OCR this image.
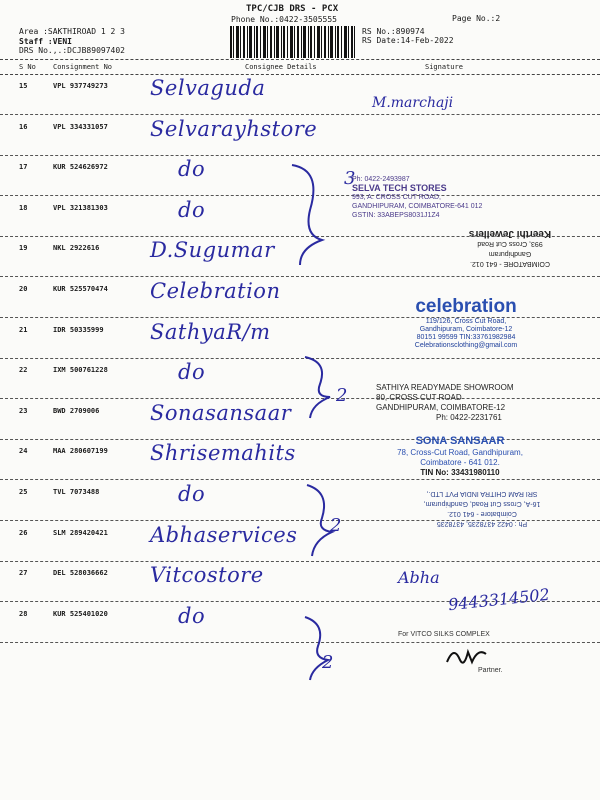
TPC/CJB DRS - PCX
Phone No.:0422-3505555	Page No.:2
Area :SAKTHIROAD 1 2 3
Staff :VENI
DRS No.,.:DCJB89097402
RS No.:890974
RS Date:14-Feb-2022
S No Consignment No	Consignee Details	Signature
15	VPL 937749273 Selvaguda
16	VPL 334331057 Selvarayhstore
17	KUR 524626972	do
18	VPL 321381303	do
19	NKL 2922616 D.Sugumar
20	KUR 525570474 Celebration
21	IDR 50335999 SathyaR/m
22	IXM 500761228	do
23	BWD 2709006 Sonasansaar
24	MAA 280607199 Shrisemahits
25	TVL 7073488	do
26	SLM 289420421 Abhaservices
27	DEL 528036662 Vitcostore
28	KUR 525401020	do
M.marchaji
3
2
2
2
Abha
9443314502
Ph: 0422-2493987
SELVA TECH STORES
993, A. CROSS CUT ROAD,
GANDHIPURAM, COIMBATORE-641 012
GSTIN: 33ABEPS8031J1Z4
COIMBATORE - 641 012.
Gandhipuram
993, Cross Cut Road
Keerthi Jewellers
celebration
119/126, Cross Cut Road,
Gandhipuram, Coimbatore-12
80151 99599 TIN:33761982984
Celebrationsclothing@gmail.com
SATHIYA READYMADE SHOWROOM
80, CROSS CUT ROAD
GANDHIPURAM, COIMBATORE-12
Ph: 0422-2231761
SONA SANSAAR
78, Cross-Cut Road, Gandhipuram,
Coimbatore - 641 012.
TIN No: 33431980110
Ph : 0422 4378235, 4378235
Coimbatore - 641 012.
16-A, Cross Cut Road, Gandhipuram,
SRI RAM CHITRA INDIA PVT LTD.,
For VITCO SILKS COMPLEX
Partner.
